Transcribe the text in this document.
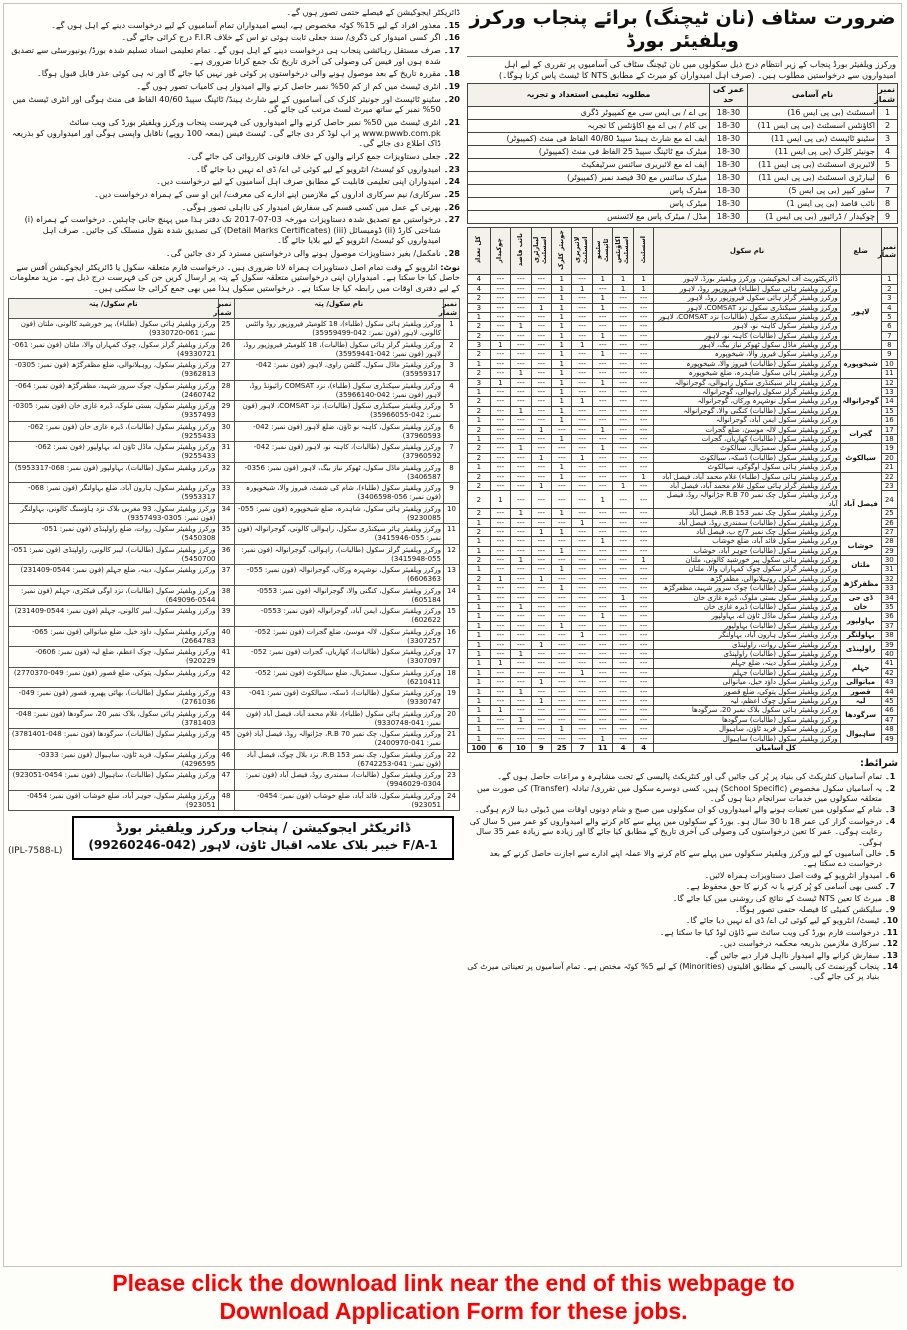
ڈائریکٹر ایجوکیشن کے فیصلے حتمی تصور ہوں گے۔
15۔
معذور افراد کے لیے 15% کوٹہ مخصوص ہے، ایسے امیدواران تمام آسامیوں کے لیے درخواست دینے کے اہل ہوں گے۔
16۔
اگر کسی امیدوار کی ڈگری/ سند جعلی ثابت ہوئی تو اس کے خلاف F.I.R درج کرائی جائے گی۔
17۔
صرف مستقل رہائشی پنجاب ہی درخواست دینے کے اہل ہوں گے۔ تمام تعلیمی اسناد تسلیم شدہ بورڈ/ یونیورسٹی سے تصدیق شدہ ہوں اور فیس کی وصولی کی آخری تاریخ تک جمع کرانا ضروری ہے۔
18۔
مقررہ تاریخ کے بعد موصول ہونے والی درخواستوں پر کوئی غور نہیں کیا جائے گا اور نہ ہی کوئی عذر قابل قبول ہوگا۔
19۔
انٹری ٹیسٹ میں کم از کم 50% نمبر حاصل کرنے والے امیدوار ہی کامیاب تصور ہوں گے۔
20۔
سٹینو ٹائپسٹ اور جونیئر کلرک کی آسامیوں کے لیے شارٹ ہینڈ/ ٹائپنگ سپیڈ 40/60 الفاظ فی منٹ ہوگی اور انٹری ٹیسٹ میں 50% نمبر کے ساتھ میرٹ لسٹ مرتب کی جائے گی۔
21۔
انٹری ٹیسٹ میں 50% نمبر حاصل کرنے والے امیدواروں کی فہرست پنجاب ورکرز ویلفیئر بورڈ کی ویب سائٹ www.pwwb.com.pk پر اپ لوڈ کر دی جائے گی۔ ٹیسٹ فیس (بمعہ 100 روپے) ناقابل واپسی ہوگی اور امیدواروں کو بذریعہ ڈاک اطلاع دی جائے گی۔
22۔
جعلی دستاویزات جمع کرانے والوں کے خلاف قانونی کارروائی کی جائے گی۔
23۔
امیدواروں کو ٹیسٹ/ انٹرویو کے لیے کوئی ٹی اے/ ڈی اے نہیں دیا جائے گا۔
24۔
امیدواران اپنی تعلیمی قابلیت کے مطابق صرف اہل آسامیوں کے لیے درخواست دیں۔
25۔
سرکاری/ نیم سرکاری اداروں کے ملازمین اپنے ادارے کی معرفت/ این او سی کے ہمراہ درخواست دیں۔
26۔
بھرتی کے عمل میں کسی قسم کی سفارش امیدوار کی نااہلی تصور ہوگی۔
27۔
درخواستیں مع تصدیق شدہ دستاویزات مورخہ 03-07-2017 تک دفتر ہذا میں پہنچ جانی چاہئیں۔ درخواست کے ہمراہ (i) شناختی کارڈ (ii) ڈومیسائل (iii) (Detail Marks Certificates) کی تصدیق شدہ نقول منسلک کی جائیں۔ صرف اہل امیدواروں کو ٹیسٹ/ انٹرویو کے لیے بلایا جائے گا۔
28۔
نامکمل/ بغیر دستاویزات موصول ہونے والی درخواستیں مسترد کر دی جائیں گی۔
نوٹ: انٹرویو کے وقت تمام اصل دستاویزات ہمراہ لانا ضروری ہیں۔ درخواست فارم متعلقہ سکول یا ڈائریکٹر ایجوکیشن آفس سے حاصل کیا جا سکتا ہے۔ امیدواران اپنی درخواستیں متعلقہ سکول کے پتہ پر ارسال کریں جن کی فہرست درج ذیل ہے۔ مزید معلومات کے لیے دفتری اوقات میں رابطہ کیا جا سکتا ہے۔ درخواستیں سکول ہذا میں بھی جمع کرائی جا سکتی ہیں۔
نمبر شمار	نام سکول/ پتہ	نمبر شمار	نام سکول/ پتہ
1	ورکرز ویلفیئر ہائی سکول (طلباء)، 18 کلومیٹر فیروزپور روڈ وائٹس کالونی، لاہور (فون نمبر: 042-35959499)	25	ورکرز ویلفیئر ہائی سکول (طلباء)، پیر خورشید کالونی، ملتان (فون نمبر: 061-9330720)
2	ورکرز ویلفیئر گرلز ہائی سکول (طالبات)، 18 کلومیٹر فیروزپور روڈ، لاہور (فون نمبر: 042-35959441)	26	ورکرز ویلفیئر گرلز سکول، چوک کمہاراں والا، ملتان (فون نمبر: 061-49330721)
3	ورکرز ویلفیئر ماڈل سکول، گلشن راوی، لاہور (فون نمبر: 042-35959317)	27	ورکرز ویلفیئر سکول، روہیلانوالی، ضلع مظفرگڑھ (فون نمبر: 0305-9362813)
4	ورکرز ویلفیئر سیکنڈری سکول (طلباء)، نزد COMSAT رائیونڈ روڈ، لاہور (فون نمبر: 042-35966140)	28	ورکرز ویلفیئر سکول، چوک سرور شہید، مظفرگڑھ (فون نمبر: 064-2460742)
5	ورکرز ویلفیئر سیکنڈری سکول (طالبات)، نزد COMSAT، لاہور (فون نمبر: 042-35966055)	29	ورکرز ویلفیئر سکول، بستی ملوک، ڈیرہ غازی خان (فون نمبر: 0305-9357493)
6	ورکرز ویلفیئر سکول، کاہنہ نو ٹاؤن، ضلع لاہور (فون نمبر: 042-37960593)	30	ورکرز ویلفیئر سکول (طالبات)، ڈیرہ غازی خان (فون نمبر: 062-9255433)
7	ورکرز ویلفیئر سکول (طالبات)، کاہنہ نو، لاہور (فون نمبر: 042-37960592)	31	ورکرز ویلفیئر سکول، ماڈل ٹاؤن اے، بہاولپور (فون نمبر: 062-9255433)
8	ورکرز ویلفیئر ماڈل سکول، ٹھوکر نیاز بیگ، لاہور (فون نمبر: 0356-3406587)	32	ورکرز ویلفیئر سکول (طالبات)، بہاولپور (فون نمبر: 068-5953317)
9	ورکرز ویلفیئر سکول (طلباء)، شام کی شفٹ، فیروز والا، شیخوپورہ (فون نمبر: 056-3406598)	33	ورکرز ویلفیئر سکول، ہارون آباد، ضلع بہاولنگر (فون نمبر: 068-5953317)
10	ورکرز ویلفیئر ہائی سکول، شاہدرہ، ضلع شیخوپورہ (فون نمبر: 055-9230085)	34	ورکرز ویلفیئر سکول، 93 مغربی بلاک نزد ہاؤسنگ کالونی، بہاولنگر (فون نمبر: 0305-9357493)
11	ورکرز ویلفیئر ہائر سیکنڈری سکول، راہوالی کالونی، گوجرانوالہ (فون نمبر: 055-3415946)	35	ورکرز ویلفیئر سکول، روات، ضلع راولپنڈی (فون نمبر: 051-5450308)
12	ورکرز ویلفیئر گرلز سکول (طالبات)، راہوالی، گوجرانوالہ (فون نمبر: 055-3415948)	36	ورکرز ویلفیئر سکول (طالبات)، لیبر کالونی، راولپنڈی (فون نمبر: 051-5450700)
13	ورکرز ویلفیئر سکول، نوشہرہ ورکاں، گوجرانوالہ (فون نمبر: 055-6606363)	37	ورکرز ویلفیئر سکول، دینہ، ضلع جہلم (فون نمبر: 0544-231409)
14	ورکرز ویلفیئر سکول، کنگنی والا، گوجرانوالہ (فون نمبر: 0553-605184)	38	ورکرز ویلفیئر سکول (طالبات)، نزد اوگی فیکٹری، جہلم (فون نمبر: 0544-649096)
15	ورکرز ویلفیئر سکول، ایمن آباد، گوجرانوالہ (فون نمبر: 0553-602622)	39	ورکرز ویلفیئر سکول، لیبر کالونی، جہلم (فون نمبر: 0544-231409)
16	ورکرز ویلفیئر سکول، لالہ موسیٰ، ضلع گجرات (فون نمبر: 052-3307257)	40	ورکرز ویلفیئر سکول، داؤد خیل، ضلع میانوالی (فون نمبر: 065-2664783)
17	ورکرز ویلفیئر سکول (طالبات)، کھاریاں، گجرات (فون نمبر: 052-3307097)	41	ورکرز ویلفیئر سکول، چوک اعظم، ضلع لیہ (فون نمبر: 0606-920229)
18	ورکرز ویلفیئر سکول، سمبڑیال، ضلع سیالکوٹ (فون نمبر: 052-6210411)	42	ورکرز ویلفیئر سکول، پتوکی، ضلع قصور (فون نمبر: 049-2770370)
19	ورکرز ویلفیئر سکول (طالبات)، ڈسکہ، سیالکوٹ (فون نمبر: 041-9330747)	43	ورکرز ویلفیئر سکول (طالبات)، بھائی پھیرو، قصور (فون نمبر: 049-2761036)
20	ورکرز ویلفیئر ہائی سکول (طلباء)، غلام محمد آباد، فیصل آباد (فون نمبر: 041-9330748)	44	ورکرز ویلفیئر ہائی سکول، بلاک نمبر 20، سرگودھا (فون نمبر: 048-3781403)
21	ورکرز ویلفیئر سکول، چک نمبر R.B 70، جڑانوالہ روڈ، فیصل آباد (فون نمبر: 041-2400970)	45	ورکرز ویلفیئر سکول (طالبات)، سرگودھا (فون نمبر: 048-3781401)
22	ورکرز ویلفیئر سکول، چک نمبر R.B 153، نزد بلال چوک، فیصل آباد (فون نمبر: 041-6742253)	46	ورکرز ویلفیئر سکول، فرید ٹاؤن، ساہیوال (فون نمبر: 0333-4296595)
23	ورکرز ویلفیئر سکول (طالبات)، سمندری روڈ، فیصل آباد (فون نمبر: 0304-9946029)	47	ورکرز ویلفیئر سکول (طالبات)، ساہیوال (فون نمبر: 0454-923051)
24	ورکرز ویلفیئر سکول، قائد آباد، ضلع خوشاب (فون نمبر: 0454-923051)	48	ورکرز ویلفیئر سکول، جوہر آباد، ضلع خوشاب (فون نمبر: 0454-923051)
(IPL-7588-L)
ڈائریکٹر ایجوکیشن / پنجاب ورکرز ویلفیئر بورڈ
F/A-1 خیبر بلاک علامہ اقبال ٹاؤن، لاہور (042-99260246)
ضرورت سٹاف (نان ٹیچنگ) برائے پنجاب ورکرز ویلفیئر بورڈ
ورکرز ویلفیئر بورڈ پنجاب کے زیر انتظام درج ذیل سکولوں میں نان ٹیچنگ سٹاف کی آسامیوں پر تقرری کے لیے اہل امیدواروں سے درخواستیں مطلوب ہیں۔ (صرف اہل امیدواران کو میرٹ کے مطابق NTS کا ٹیسٹ پاس کرنا ہوگا۔)
نمبر شمار	نام آسامی	عمر کی حد	مطلوبہ تعلیمی استعداد و تجربہ
1	اسسٹنٹ (بی پی ایس 16)	18-30	بی اے / بی ایس سی مع کمپیوٹر ڈگری
2	اکاؤنٹس اسسٹنٹ (بی پی ایس 11)	18-30	بی کام / بی اے مع اکاؤنٹس کا تجربہ
3	سٹینو ٹائپسٹ (بی پی ایس 11)	18-30	ایف اے مع شارٹ ہینڈ سپیڈ 40/80 الفاظ فی منٹ (کمپیوٹر)
4	جونیئر کلرک (بی پی ایس 11)	18-30	میٹرک مع ٹائپنگ سپیڈ 25 الفاظ فی منٹ (کمپیوٹر)
5	لائبریری اسسٹنٹ (بی پی ایس 11)	18-30	ایف اے مع لائبریری سائنس سرٹیفکیٹ
6	لیبارٹری اسسٹنٹ (بی پی ایس 11)	18-30	میٹرک سائنس مع 30 فیصد نمبر (کمپیوٹر)
7	سٹور کیپر (بی پی ایس 5)	18-30	میٹرک پاس
8	نائب قاصد (بی پی ایس 1)	18-30	میٹرک پاس
9	چوکیدار / ڈرائیور (بی پی ایس 1)	18-30	مڈل / میٹرک پاس مع لائسنس
نمبر شمار	ضلع	نام سکول	اسسٹنٹ	اکاؤنٹس اسسٹنٹ	سٹینو ٹائپسٹ	لائبریری اسسٹنٹ	جونیئر کلرک	لیبارٹری اسسٹنٹ	نائب قاصد	چوکیدار	کل تعداد
1	لاہور	ڈائریکٹوریٹ آف ایجوکیشن، ورکرز ویلفیئر بورڈ، لاہور	1	1	1	---	1	---	---	---	4
2		ورکرز ویلفیئر ہائی سکول (طلباء) فیروزپور روڈ، لاہور	1	1	---	1	1	---	---	---	4
3		ورکرز ویلفیئر گرلز ہائی سکول فیروزپور روڈ، لاہور	---	---	1	---	1	---	---	---	2
4		ورکرز ویلفیئر سیکنڈری سکول نزد COMSAT، لاہور	---	---	1	---	1	1	---	---	3
5		ورکرز ویلفیئر سیکنڈری سکول (طالبات) نزد COMSAT، لاہور	---	---	---	---	1	---	---	---	1
6		ورکرز ویلفیئر سکول کاہنہ نو، لاہور	---	---	---	---	1	---	1	---	2
7		ورکرز ویلفیئر سکول (طالبات) کاہنہ نو، لاہور	---	---	1	---	1	---	---	---	2
8		ورکرز ویلفیئر ماڈل سکول ٹھوکر نیاز بیگ، لاہور	---	---	---	1	1	---	---	1	3
9	شیخوپورہ	ورکرز ویلفیئر سکول فیروز والا، شیخوپورہ	---	---	1	---	1	---	---	---	2
10		ورکرز ویلفیئر سکول (طالبات) فیروز والا، شیخوپورہ	---	---	---	---	1	---	---	---	1
11		ورکرز ویلفیئر ہائی سکول شاہدرہ، ضلع شیخوپورہ	---	---	---	---	1	---	1	---	2
12	گوجرانوالہ	ورکرز ویلفیئر ہائر سیکنڈری سکول راہوالی، گوجرانوالہ	---	---	1	---	1	---	---	1	3
13		ورکرز ویلفیئر گرلز سکول راہوالی، گوجرانوالہ	---	---	---	---	1	---	---	---	1
14		ورکرز ویلفیئر سکول نوشہرہ ورکاں، گوجرانوالہ	---	---	---	1	1	---	---	---	2
15		ورکرز ویلفیئر سکول (طالبات) کنگنی والا، گوجرانوالہ	---	---	---	---	1	---	1	---	2
16		ورکرز ویلفیئر سکول ایمن آباد، گوجرانوالہ	---	---	---	---	1	---	---	---	1
17	گجرات	ورکرز ویلفیئر سکول لالہ موسیٰ، ضلع گجرات	---	---	1	---	---	1	---	---	2
18		ورکرز ویلفیئر سکول (طالبات) کھاریاں، گجرات	---	---	---	---	1	---	---	---	1
19	سیالکوٹ	ورکرز ویلفیئر سکول سمبڑیال، سیالکوٹ	---	---	1	---	---	---	1	---	2
20		ورکرز ویلفیئر سکول (طالبات) ڈسکہ، سیالکوٹ	---	---	---	1	---	1	---	---	2
21		ورکرز ویلفیئر ہائی سکول اوگوکی، سیالکوٹ	---	---	---	---	1	---	---	---	1
22	فیصل آباد	ورکرز ویلفیئر ہائی سکول (طلباء) غلام محمد آباد، فیصل آباد	1	---	---	---	1	---	---	---	2
23		ورکرز ویلفیئر گرلز ہائی سکول غلام محمد آباد، فیصل آباد	---	1	---	---	---	1	---	---	2
24		ورکرز ویلفیئر سکول چک نمبر R.B 70 جڑانوالہ روڈ، فیصل آباد	---	---	1	---	---	---	---	1	2
25		ورکرز ویلفیئر سکول چک نمبر R.B 153، فیصل آباد	---	---	---	---	1	---	1	---	2
26		ورکرز ویلفیئر سکول (طالبات) سمندری روڈ، فیصل آباد	---	---	---	1	---	---	---	---	1
27		ورکرز ویلفیئر سکول چک نمبر 7/ج ب، فیصل آباد	---	---	---	---	1	1	---	---	2
28	خوشاب	ورکرز ویلفیئر سکول قائد آباد، ضلع خوشاب	---	---	1	---	---	---	---	---	1
29		ورکرز ویلفیئر سکول (طالبات) جوہر آباد، خوشاب	---	---	---	---	1	---	---	---	1
30	ملتان	ورکرز ویلفیئر ہائی سکول پیر خورشید کالونی، ملتان	1	---	---	---	---	---	1	---	2
31		ورکرز ویلفیئر گرلز سکول چوک کمہاراں والا، ملتان	---	---	---	---	1	---	---	---	1
32	مظفرگڑھ	ورکرز ویلفیئر سکول روہیلانوالی، مظفرگڑھ	---	---	---	---	---	1	---	1	2
33		ورکرز ویلفیئر سکول (طالبات) چوک سرور شہید، مظفرگڑھ	---	---	---	---	1	---	---	---	1
34	ڈی جی خان	ورکرز ویلفیئر سکول بستی ملوک، ڈیرہ غازی خان	---	1	---	---	---	---	---	---	1
35		ورکرز ویلفیئر سکول (طالبات) ڈیرہ غازی خان	---	---	---	---	---	---	1	---	1
36	بہاولپور	ورکرز ویلفیئر سکول ماڈل ٹاؤن اے، بہاولپور	---	---	1	---	---	---	---	---	1
37		ورکرز ویلفیئر سکول (طالبات) بہاولپور	---	---	---	---	1	---	---	---	1
38	بہاولنگر	ورکرز ویلفیئر سکول ہارون آباد، بہاولنگر	---	---	---	1	---	---	---	---	1
39	راولپنڈی	ورکرز ویلفیئر سکول روات، راولپنڈی	---	---	---	---	---	1	---	---	1
40		ورکرز ویلفیئر سکول (طالبات) راولپنڈی	---	---	---	---	---	---	1	---	1
41	جہلم	ورکرز ویلفیئر سکول دینہ، ضلع جہلم	---	---	---	---	---	---	---	1	1
42		ورکرز ویلفیئر سکول (طالبات) جہلم	---	---	---	1	---	---	---	---	1
43	میانوالی	ورکرز ویلفیئر سکول داؤد خیل، میانوالی	---	---	---	---	---	1	---	---	1
44	قصور	ورکرز ویلفیئر سکول پتوکی، ضلع قصور	---	---	---	---	---	---	1	---	1
45	لیہ	ورکرز ویلفیئر سکول چوک اعظم، لیہ	---	---	---	---	---	1	---	---	1
46	سرگودھا	ورکرز ویلفیئر ہائی سکول بلاک نمبر 20، سرگودھا	---	---	---	---	---	---	---	1	1
47		ورکرز ویلفیئر سکول (طالبات) سرگودھا	---	---	---	---	---	---	1	---	1
48	ساہیوال	ورکرز ویلفیئر سکول فرید ٹاؤن، ساہیوال	---	---	---	---	1	---	---	---	1
49		ورکرز ویلفیئر سکول (طالبات) ساہیوال	---	---	1	---	---	---	---	---	1
کل آسامیاں			4	4	11	7	25	9	10	6	100
شرائط:
1۔
تمام آسامیاں کنٹریکٹ کی بنیاد پر پُر کی جائیں گی اور کنٹریکٹ پالیسی کے تحت مشاہرہ و مراعات حاصل ہوں گے۔
2۔
یہ آسامیاں سکول مخصوص (School Specific) ہیں، کسی دوسرے سکول میں تقرری/ تبادلہ (Transfer) کی صورت میں متعلقہ سکولوں میں خدمات سرانجام دینا ہوں گی۔
3۔
شام کے سکولوں میں تعینات ہونے والے امیدواروں کو ان سکولوں میں صبح و شام دونوں اوقات میں ڈیوٹی دینا لازم ہوگی۔
4۔
درخواست گزار کی عمر 18 تا 30 سال ہو۔ بورڈ کے سکولوں میں پہلے سے کام کرنے والے امیدواروں کو عمر میں 5 سال کی رعایت ہوگی۔ عمر کا تعین درخواستوں کی وصولی کی آخری تاریخ کے مطابق کیا جائے گا اور زیادہ سے زیادہ عمر 35 سال ہوگی۔
5۔
خالی آسامیوں کے لیے ورکرز ویلفیئر سکولوں میں پہلے سے کام کرنے والا عملہ اپنے ادارے سے اجازت حاصل کرنے کے بعد درخواست دے سکتا ہے۔
6۔
امیدوار انٹرویو کے وقت اصل دستاویزات ہمراہ لائیں۔
7۔
کسی بھی آسامی کو پُر کرنے یا نہ کرنے کا حق محفوظ ہے۔
8۔
میرٹ کا تعین NTS ٹیسٹ کے نتائج کی روشنی میں کیا جائے گا۔
9۔
سلیکشن کمیٹی کا فیصلہ حتمی تصور ہوگا۔
10۔
ٹیسٹ/ انٹرویو کے لیے کوئی ٹی اے/ ڈی اے نہیں دیا جائے گا۔
11۔
درخواست فارم بورڈ کی ویب سائٹ سے ڈاؤن لوڈ کیا جا سکتا ہے۔
12۔
سرکاری ملازمین بذریعہ محکمہ درخواست دیں۔
13۔
سفارش کرانے والے امیدوار نااہل قرار دیے جائیں گے۔
14۔
پنجاب گورنمنٹ کی پالیسی کے مطابق اقلیتوں (Minorities) کے لیے 5% کوٹہ مختص ہے۔ تمام آسامیوں پر تعیناتی میرٹ کی بنیاد پر کی جائے گی۔
Please click the download link near the end of this webpage to
Download Application Form for these jobs.
